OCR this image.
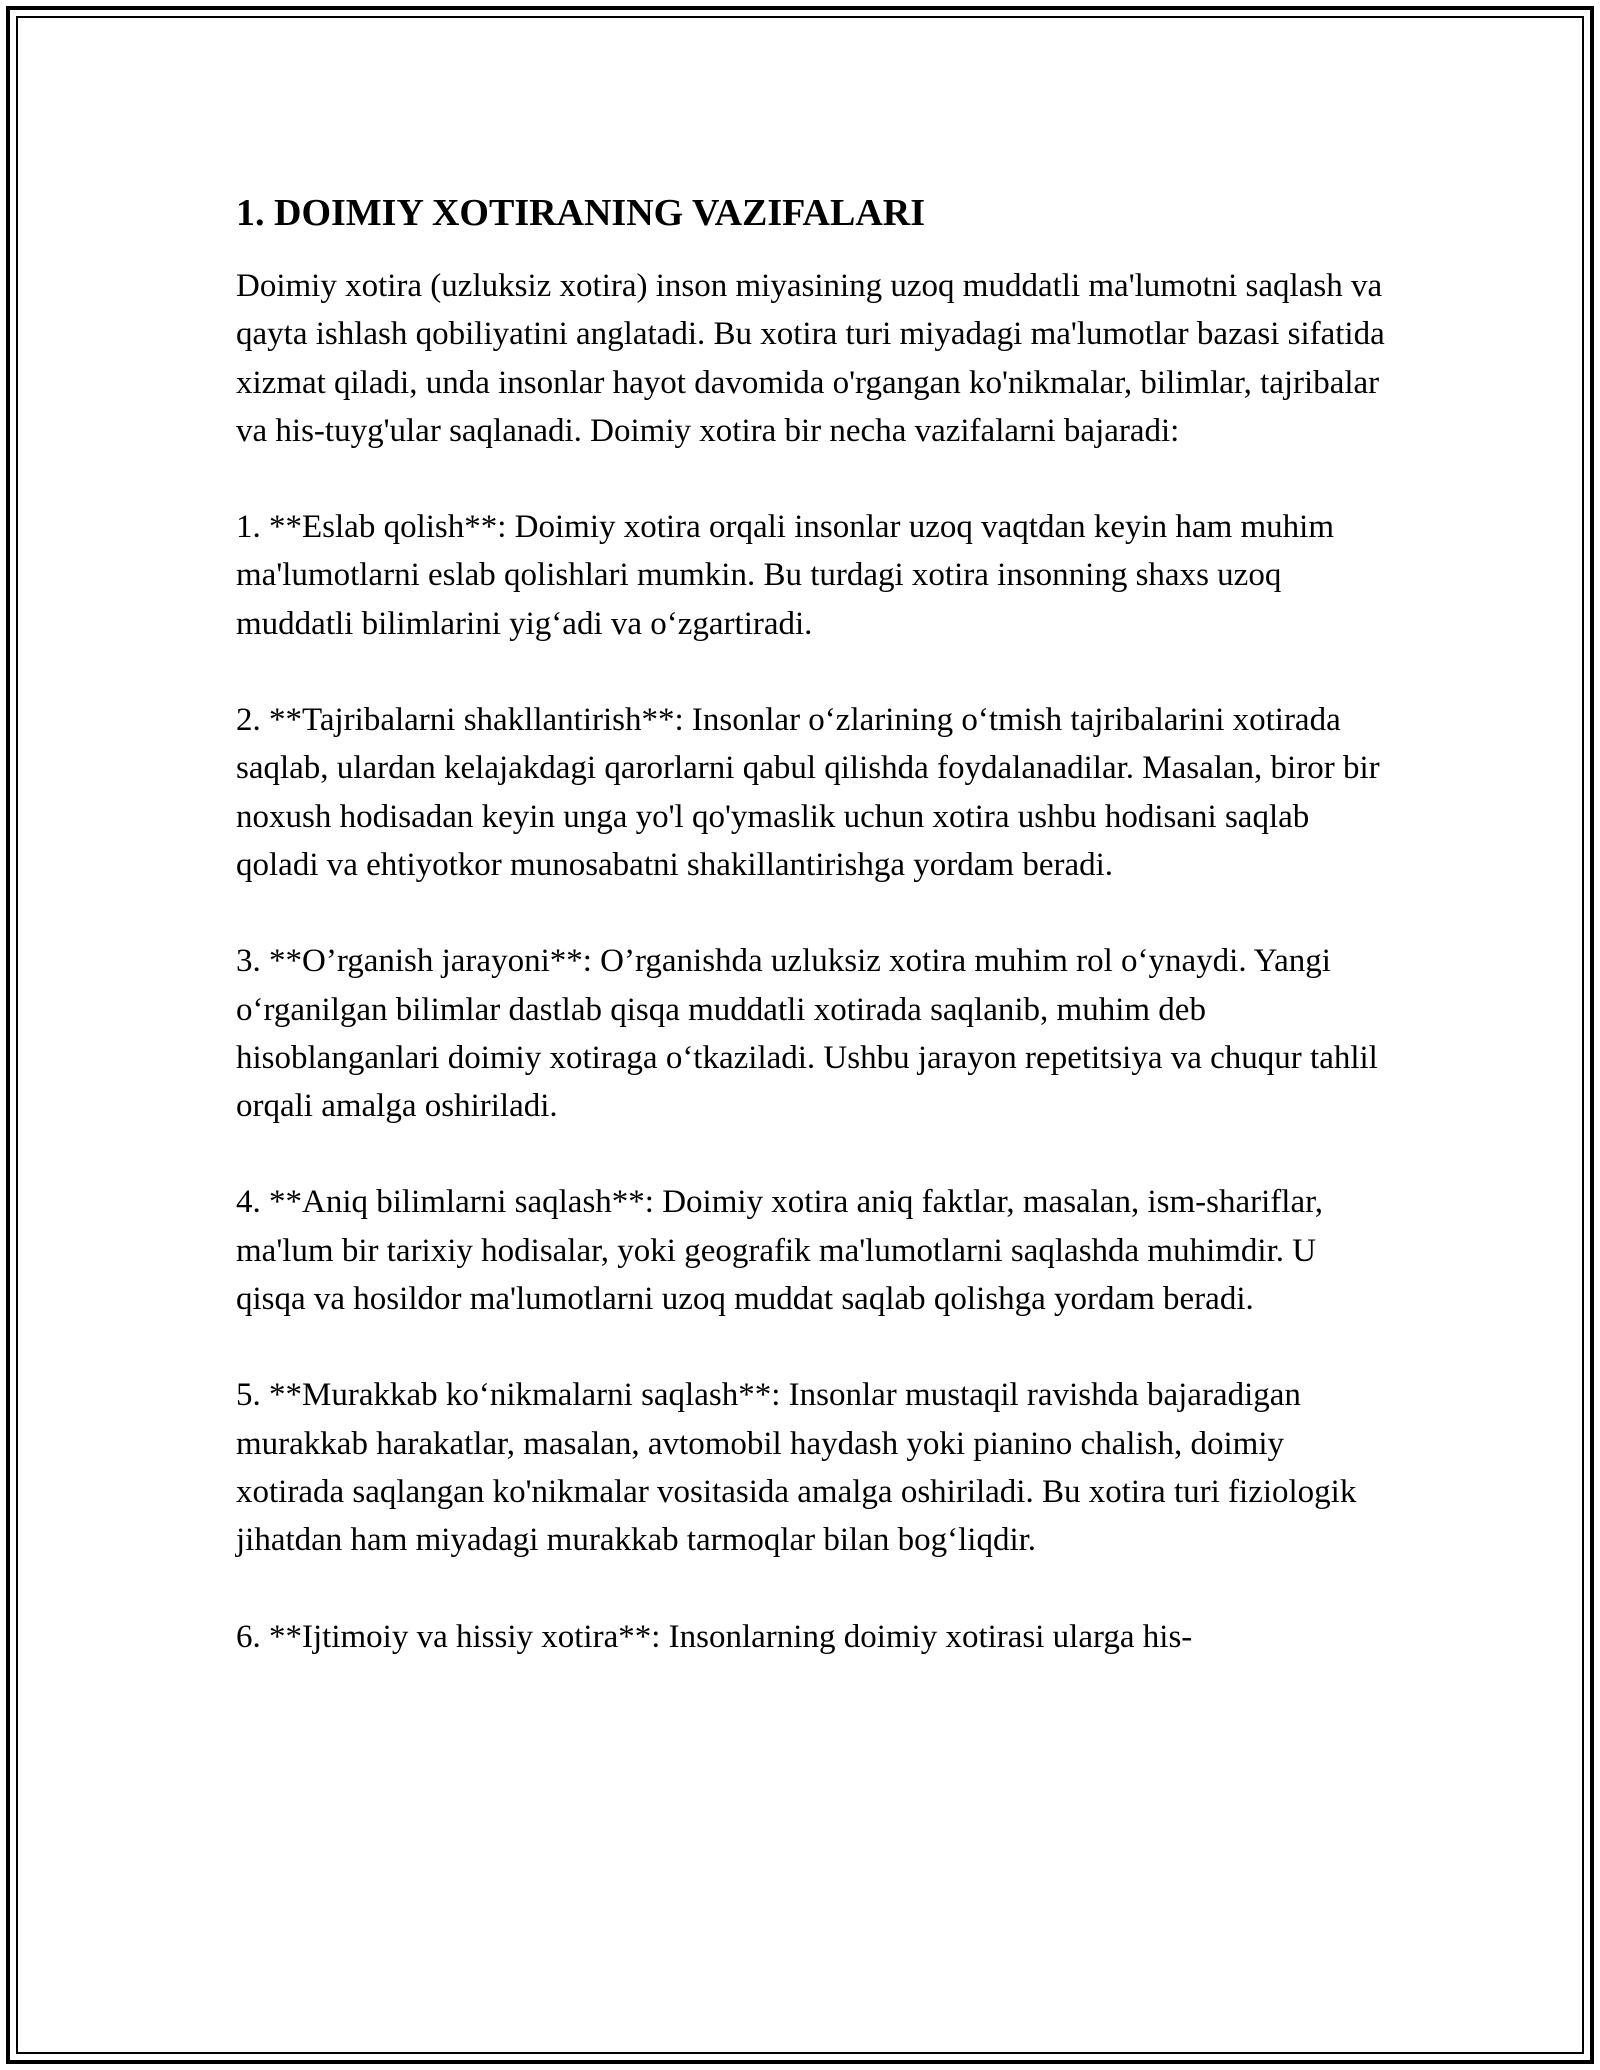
1. DOIMIY XOTIRANING VAZIFALARI

Doimiy xotira (uzluksiz xotira) inson miyasining uzoq muddatli ma'lumotni saqlash va qayta ishlash qobiliyatini anglatadi. Bu xotira turi miyadagi ma'lumotlar bazasi sifatida xizmat qiladi, unda insonlar hayot davomida o'rgangan ko'nikmalar, bilimlar, tajribalar va his-tuyg'ular saqlanadi. Doimiy xotira bir necha vazifalarni bajaradi:

1. **Eslab qolish**: Doimiy xotira orqali insonlar uzoq vaqtdan keyin ham muhim ma'lumotlarni eslab qolishlari mumkin. Bu turdagi xotira insonning shaxs uzoq muddatli bilimlarini yig‘adi va o‘zgartiradi.

2. **Tajribalarni shakllantirish**: Insonlar o‘zlarining o‘tmish tajribalarini xotirada saqlab, ulardan kelajakdagi qarorlarni qabul qilishda foydalanadilar. Masalan, biror bir noxush hodisadan keyin unga yo'l qo'ymaslik uchun xotira ushbu hodisani saqlab qoladi va ehtiyotkor munosabatni shakillantirishga yordam beradi.

3. **O’rganish jarayoni**: O’rganishda uzluksiz xotira muhim rol o‘ynaydi. Yangi o‘rganilgan bilimlar dastlab qisqa muddatli xotirada saqlanib, muhim deb hisoblanganlari doimiy xotiraga o‘tkaziladi. Ushbu jarayon repetitsiya va chuqur tahlil orqali amalga oshiriladi.

4. **Aniq bilimlarni saqlash**: Doimiy xotira aniq faktlar, masalan, ism-shariflar, ma'lum bir tarixiy hodisalar, yoki geografik ma'lumotlarni saqlashda muhimdir. U qisqa va hosildor ma'lumotlarni uzoq muddat saqlab qolishga yordam beradi.

5. **Murakkab ko‘nikmalarni saqlash**: Insonlar mustaqil ravishda bajaradigan murakkab harakatlar, masalan, avtomobil haydash yoki pianino chalish, doimiy xotirada saqlangan ko'nikmalar vositasida amalga oshiriladi. Bu xotira turi fiziologik jihatdan ham miyadagi murakkab tarmoqlar bilan bog‘liqdir.

6. **Ijtimoiy va hissiy xotira**: Insonlarning doimiy xotirasi ularga his-
